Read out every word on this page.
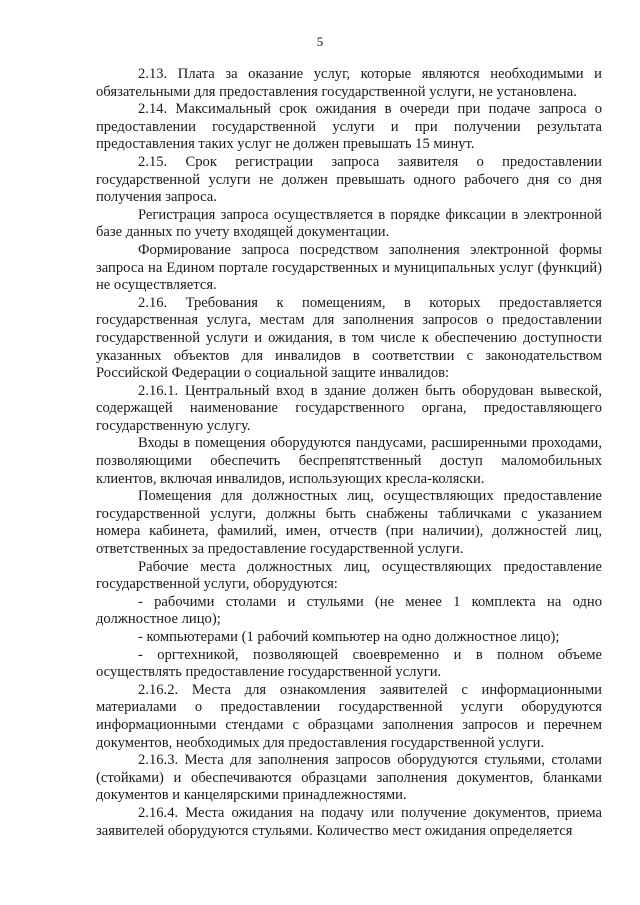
5

2.13. Плата за оказание услуг, которые являются необходимыми и обязательными для предоставления государственной услуги, не установлена.

2.14. Максимальный срок ожидания в очереди при подаче запроса о предоставлении государственной услуги и при получении результата предоставления таких услуг не должен превышать 15 минут.

2.15. Срок регистрации запроса заявителя о предоставлении государственной услуги не должен превышать одного рабочего дня со дня получения запроса.

Регистрация запроса осуществляется в порядке фиксации в электронной базе данных по учету входящей документации.

Формирование запроса посредством заполнения электронной формы запроса на Едином портале государственных и муниципальных услуг (функций) не осуществляется.

2.16. Требования к помещениям, в которых предоставляется государственная услуга, местам для заполнения запросов о предоставлении государственной услуги и ожидания, в том числе к обеспечению доступности указанных объектов для инвалидов в соответствии с законодательством Российской Федерации о социальной защите инвалидов:

2.16.1. Центральный вход в здание должен быть оборудован вывеской, содержащей наименование государственного органа, предоставляющего государственную услугу.

Входы в помещения оборудуются пандусами, расширенными проходами, позволяющими обеспечить беспрепятственный доступ маломобильных клиентов, включая инвалидов, использующих кресла-коляски.

Помещения для должностных лиц, осуществляющих предоставление государственной услуги, должны быть снабжены табличками с указанием номера кабинета, фамилий, имен, отчеств (при наличии), должностей лиц, ответственных за предоставление государственной услуги.

Рабочие места должностных лиц, осуществляющих предоставление государственной услуги, оборудуются:

- рабочими столами и стульями (не менее 1 комплекта на одно должностное лицо);

- компьютерами (1 рабочий компьютер на одно должностное лицо);

- оргтехникой, позволяющей своевременно и в полном объеме осуществлять предоставление государственной услуги.

2.16.2. Места для ознакомления заявителей с информационными материалами о предоставлении государственной услуги оборудуются информационными стендами с образцами заполнения запросов и перечнем документов, необходимых для предоставления государственной услуги.

2.16.3. Места для заполнения запросов оборудуются стульями, столами (стойками) и обеспечиваются образцами заполнения документов, бланками документов и канцелярскими принадлежностями.

2.16.4. Места ожидания на подачу или получение документов, приема заявителей оборудуются стульями. Количество мест ожидания определяется
